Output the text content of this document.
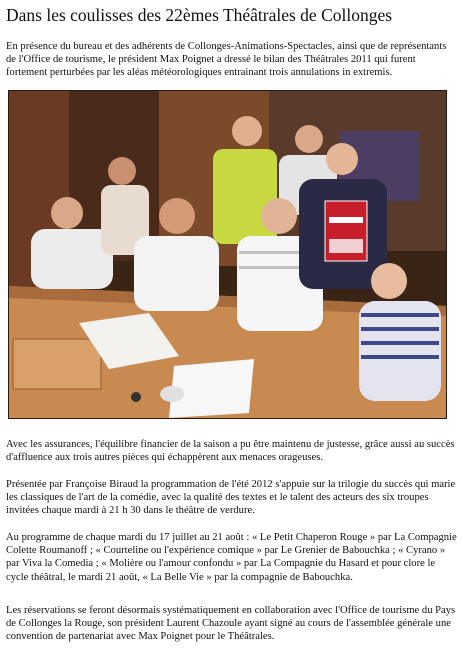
Dans les coulisses des 22èmes Théâtrales de Collonges

En présence du bureau et des adhérents de Collonges-Animations-Spectacles, ainsi que de représentants de l'Office de tourisme, le président Max Poignet a dressé le bilan des Théâtrales 2011 qui furent fortement perturbées par les aléas météorologiques entrainant trois annulations in extremis.

Avec les assurances, l'équilibre financier de la saison a pu être maintenu de justesse, grâce aussi au succès d'affluence aux trois autres pièces qui échappèrent aux menaces orageuses.

Présentée par Françoise Biraud la programmation de l'été 2012 s'appuie sur la trilogie du succès qui marie les classiques de l'art de la comédie, avec la qualité des textes et le talent des acteurs des six troupes invitées chaque mardi à 21 h 30 dans le théâtre de verdure.

Au programme de chaque mardi du 17 juillet au 21 août : « Le Petit Chaperon Rouge » par La Compagnie Colette Roumanoff ; « Courteline ou l'expérience comique » par Le Grenier de Babouchka ; « Cyrano » par Viva la Comedia ; « Molière ou l'amour confondu » par La Compagnie du Hasard et pour clore le cycle théâtral, le mardi 21 août, « La Belle Vie » par la compagnie de Babouchka.

Les réservations se feront désormais systématiquement en collaboration avec l'Office de tourisme du Pays de Collonges la Rouge, son président Laurent Chazoule ayant signé au cours de l'assemblée générale une convention de partenariat avec Max Poignet pour le Théâtrales.
